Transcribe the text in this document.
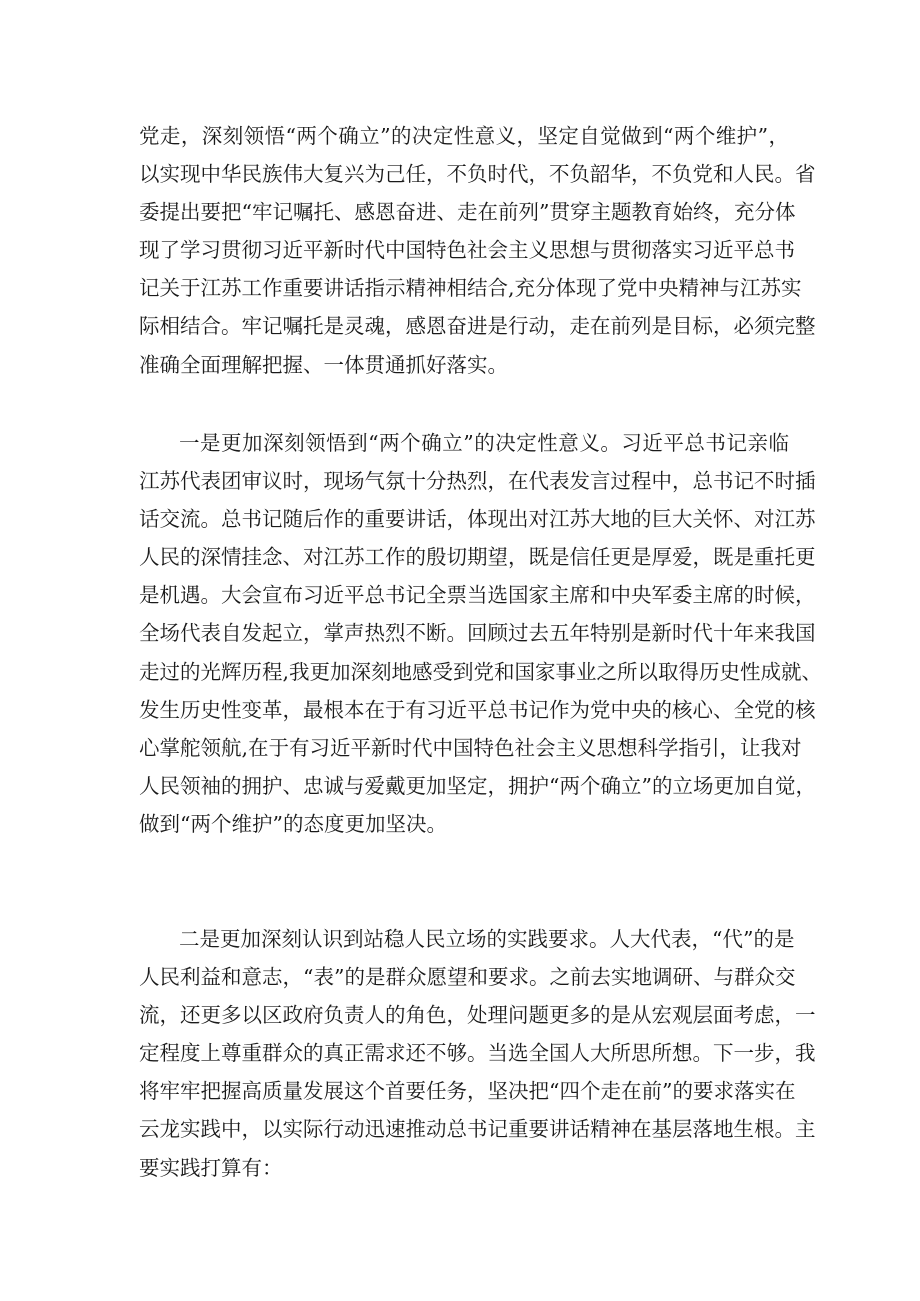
党走，深刻领悟“两个确立”的决定性意义，坚定自觉做到“两个维护”，
以实现中华民族伟大复兴为己任，不负时代，不负韶华，不负党和人民。省
委提出要把“牢记嘱托、感恩奋进、走在前列”贯穿主题教育始终，充分体
现了学习贯彻习近平新时代中国特色社会主义思想与贯彻落实习近平总书
记关于江苏工作重要讲话指示精神相结合,充分体现了党中央精神与江苏实
际相结合。牢记嘱托是灵魂，感恩奋进是行动，走在前列是目标，必须完整
准确全面理解把握、一体贯通抓好落实。
一是更加深刻领悟到“两个确立”的决定性意义。习近平总书记亲临
江苏代表团审议时，现场气氛十分热烈，在代表发言过程中，总书记不时插
话交流。总书记随后作的重要讲话，体现出对江苏大地的巨大关怀、对江苏
人民的深情挂念、对江苏工作的殷切期望，既是信任更是厚爱，既是重托更
是机遇。大会宣布习近平总书记全票当选国家主席和中央军委主席的时候，
全场代表自发起立，掌声热烈不断。回顾过去五年特别是新时代十年来我国
走过的光辉历程,我更加深刻地感受到党和国家事业之所以取得历史性成就、
发生历史性变革，最根本在于有习近平总书记作为党中央的核心、全党的核
心掌舵领航,在于有习近平新时代中国特色社会主义思想科学指引，让我对
人民领袖的拥护、忠诚与爱戴更加坚定，拥护“两个确立”的立场更加自觉，
做到“两个维护”的态度更加坚决。
二是更加深刻认识到站稳人民立场的实践要求。人大代表，“代”的是
人民利益和意志，“表”的是群众愿望和要求。之前去实地调研、与群众交
流，还更多以区政府负责人的角色，处理问题更多的是从宏观层面考虑，一
定程度上尊重群众的真正需求还不够。当选全国人大所思所想。下一步，我
将牢牢把握高质量发展这个首要任务，坚决把“四个走在前”的要求落实在
云龙实践中，以实际行动迅速推动总书记重要讲话精神在基层落地生根。主
要实践打算有：
